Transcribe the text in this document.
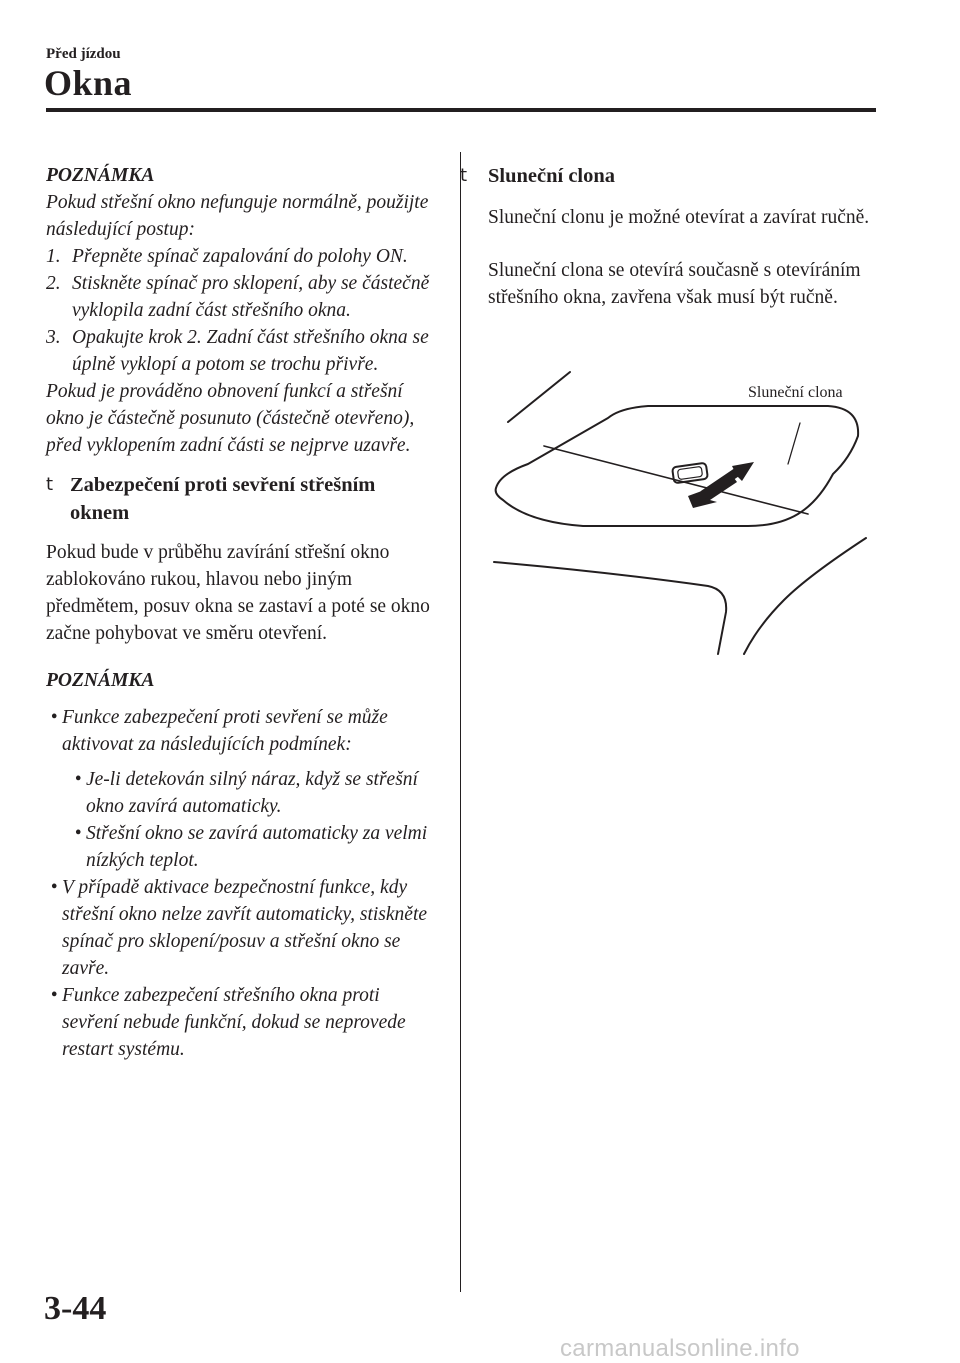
Před jízdou
Okna

POZNÁMKA

Pokud střešní okno nefunguje normálně, použijte následující postup:

1. Přepněte spínač zapalování do polohy ON.
2. Stiskněte spínač pro sklopení, aby se částečně vyklopila zadní část střešního okna.
3. Opakujte krok 2. Zadní část střešního okna se úplně vyklopí a potom se trochu přivře.

Pokud je prováděno obnovení funkcí a střešní okno je částečně posunuto (částečně otevřeno), před vyklopením zadní části se nejprve uzavře.

t Zabezpečení proti sevření střešním oknem

Pokud bude v průběhu zavírání střešní okno zablokováno rukou, hlavou nebo jiným předmětem, posuv okna se zastaví a poté se okno začne pohybovat ve směru otevření.

POZNÁMKA

• Funkce zabezpečení proti sevření se může aktivovat za následujících podmínek:
• Je-li detekován silný náraz, když se střešní okno zavírá automaticky.
• Střešní okno se zavírá automaticky za velmi nízkých teplot.
• V případě aktivace bezpečnostní funkce, kdy střešní okno nelze zavřít automaticky, stiskněte spínač pro sklopení/posuv a střešní okno se zavře.
• Funkce zabezpečení střešního okna proti sevření nebude funkční, dokud se neprovede restart systému.
t	Sluneční clona

Sluneční clonu je možné otevírat a zavírat ručně.

Sluneční clona se otevírá současně s otevíráním střešního okna, zavřena však musí být ručně.

Sluneční clona
3-44
carmanualsonline.info
